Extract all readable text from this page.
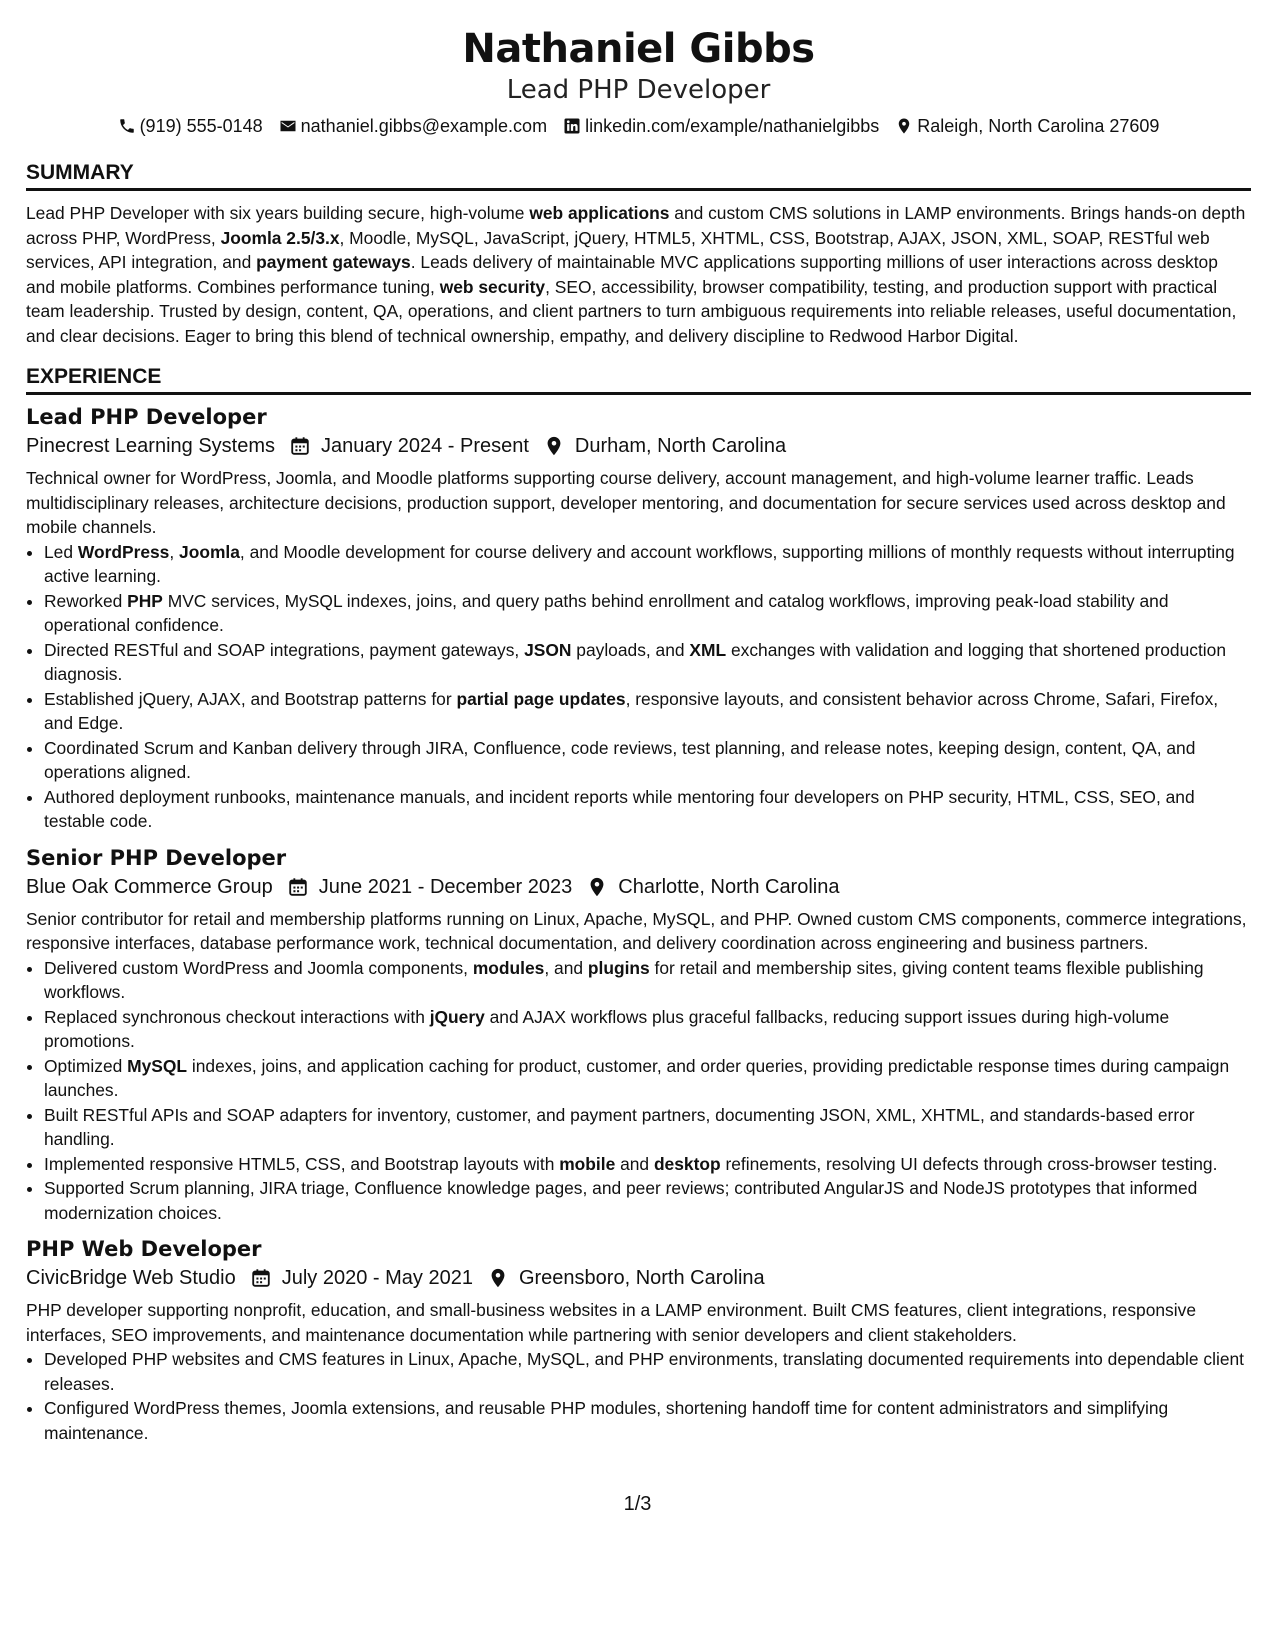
Nathaniel Gibbs
Lead PHP Developer
(919) 555-0148 nathaniel.gibbs@example.com linkedin.com/example/nathanielgibbs Raleigh, North Carolina 27609
SUMMARY

Lead PHP Developer with six years building secure, high-volume web applications and custom CMS solutions in LAMP environments. Brings hands-on depth across PHP, WordPress, Joomla 2.5/3.x, Moodle, MySQL, JavaScript, jQuery, HTML5, XHTML, CSS, Bootstrap, AJAX, JSON, XML, SOAP, RESTful web services, API integration, and payment gateways. Leads delivery of maintainable MVC applications supporting millions of user interactions across desktop and mobile platforms. Combines performance tuning, web security, SEO, accessibility, browser compatibility, testing, and production support with practical team leadership. Trusted by design, content, QA, operations, and client partners to turn ambiguous requirements into reliable releases, useful documentation, and clear decisions. Eager to bring this blend of technical ownership, empathy, and delivery discipline to Redwood Harbor Digital.

EXPERIENCE
Lead PHP Developer
Pinecrest Learning Systems January 2024 - Present Durham, North Carolina

Technical owner for WordPress, Joomla, and Moodle platforms supporting course delivery, account management, and high-volume learner traffic. Leads multidisciplinary releases, architecture decisions, production support, developer mentoring, and documentation for secure services used across desktop and mobile channels.

• Led WordPress, Joomla, and Moodle development for course delivery and account workflows, supporting millions of monthly requests without interrupting active learning.
• Reworked PHP MVC services, MySQL indexes, joins, and query paths behind enrollment and catalog workflows, improving peak-load stability and operational confidence.
• Directed RESTful and SOAP integrations, payment gateways, JSON payloads, and XML exchanges with validation and logging that shortened production diagnosis.
• Established jQuery, AJAX, and Bootstrap patterns for partial page updates, responsive layouts, and consistent behavior across Chrome, Safari, Firefox, and Edge.
• Coordinated Scrum and Kanban delivery through JIRA, Confluence, code reviews, test planning, and release notes, keeping design, content, QA, and operations aligned.
• Authored deployment runbooks, maintenance manuals, and incident reports while mentoring four developers on PHP security, HTML, CSS, SEO, and testable code.
Senior PHP Developer
Blue Oak Commerce Group June 2021 - December 2023 Charlotte, North Carolina

Senior contributor for retail and membership platforms running on Linux, Apache, MySQL, and PHP. Owned custom CMS components, commerce integrations, responsive interfaces, database performance work, technical documentation, and delivery coordination across engineering and business partners.

• Delivered custom WordPress and Joomla components, modules, and plugins for retail and membership sites, giving content teams flexible publishing workflows.
• Replaced synchronous checkout interactions with jQuery and AJAX workflows plus graceful fallbacks, reducing support issues during high-volume promotions.
• Optimized MySQL indexes, joins, and application caching for product, customer, and order queries, providing predictable response times during campaign launches.
• Built RESTful APIs and SOAP adapters for inventory, customer, and payment partners, documenting JSON, XML, XHTML, and standards-based error handling.
• Implemented responsive HTML5, CSS, and Bootstrap layouts with mobile and desktop refinements, resolving UI defects through cross-browser testing.
• Supported Scrum planning, JIRA triage, Confluence knowledge pages, and peer reviews; contributed AngularJS and NodeJS prototypes that informed modernization choices.
PHP Web Developer
CivicBridge Web Studio July 2020 - May 2021 Greensboro, North Carolina

PHP developer supporting nonprofit, education, and small-business websites in a LAMP environment. Built CMS features, client integrations, responsive interfaces, SEO improvements, and maintenance documentation while partnering with senior developers and client stakeholders.

• Developed PHP websites and CMS features in Linux, Apache, MySQL, and PHP environments, translating documented requirements into dependable client releases.
• Configured WordPress themes, Joomla extensions, and reusable PHP modules, shortening handoff time for content administrators and simplifying maintenance.
1/3
